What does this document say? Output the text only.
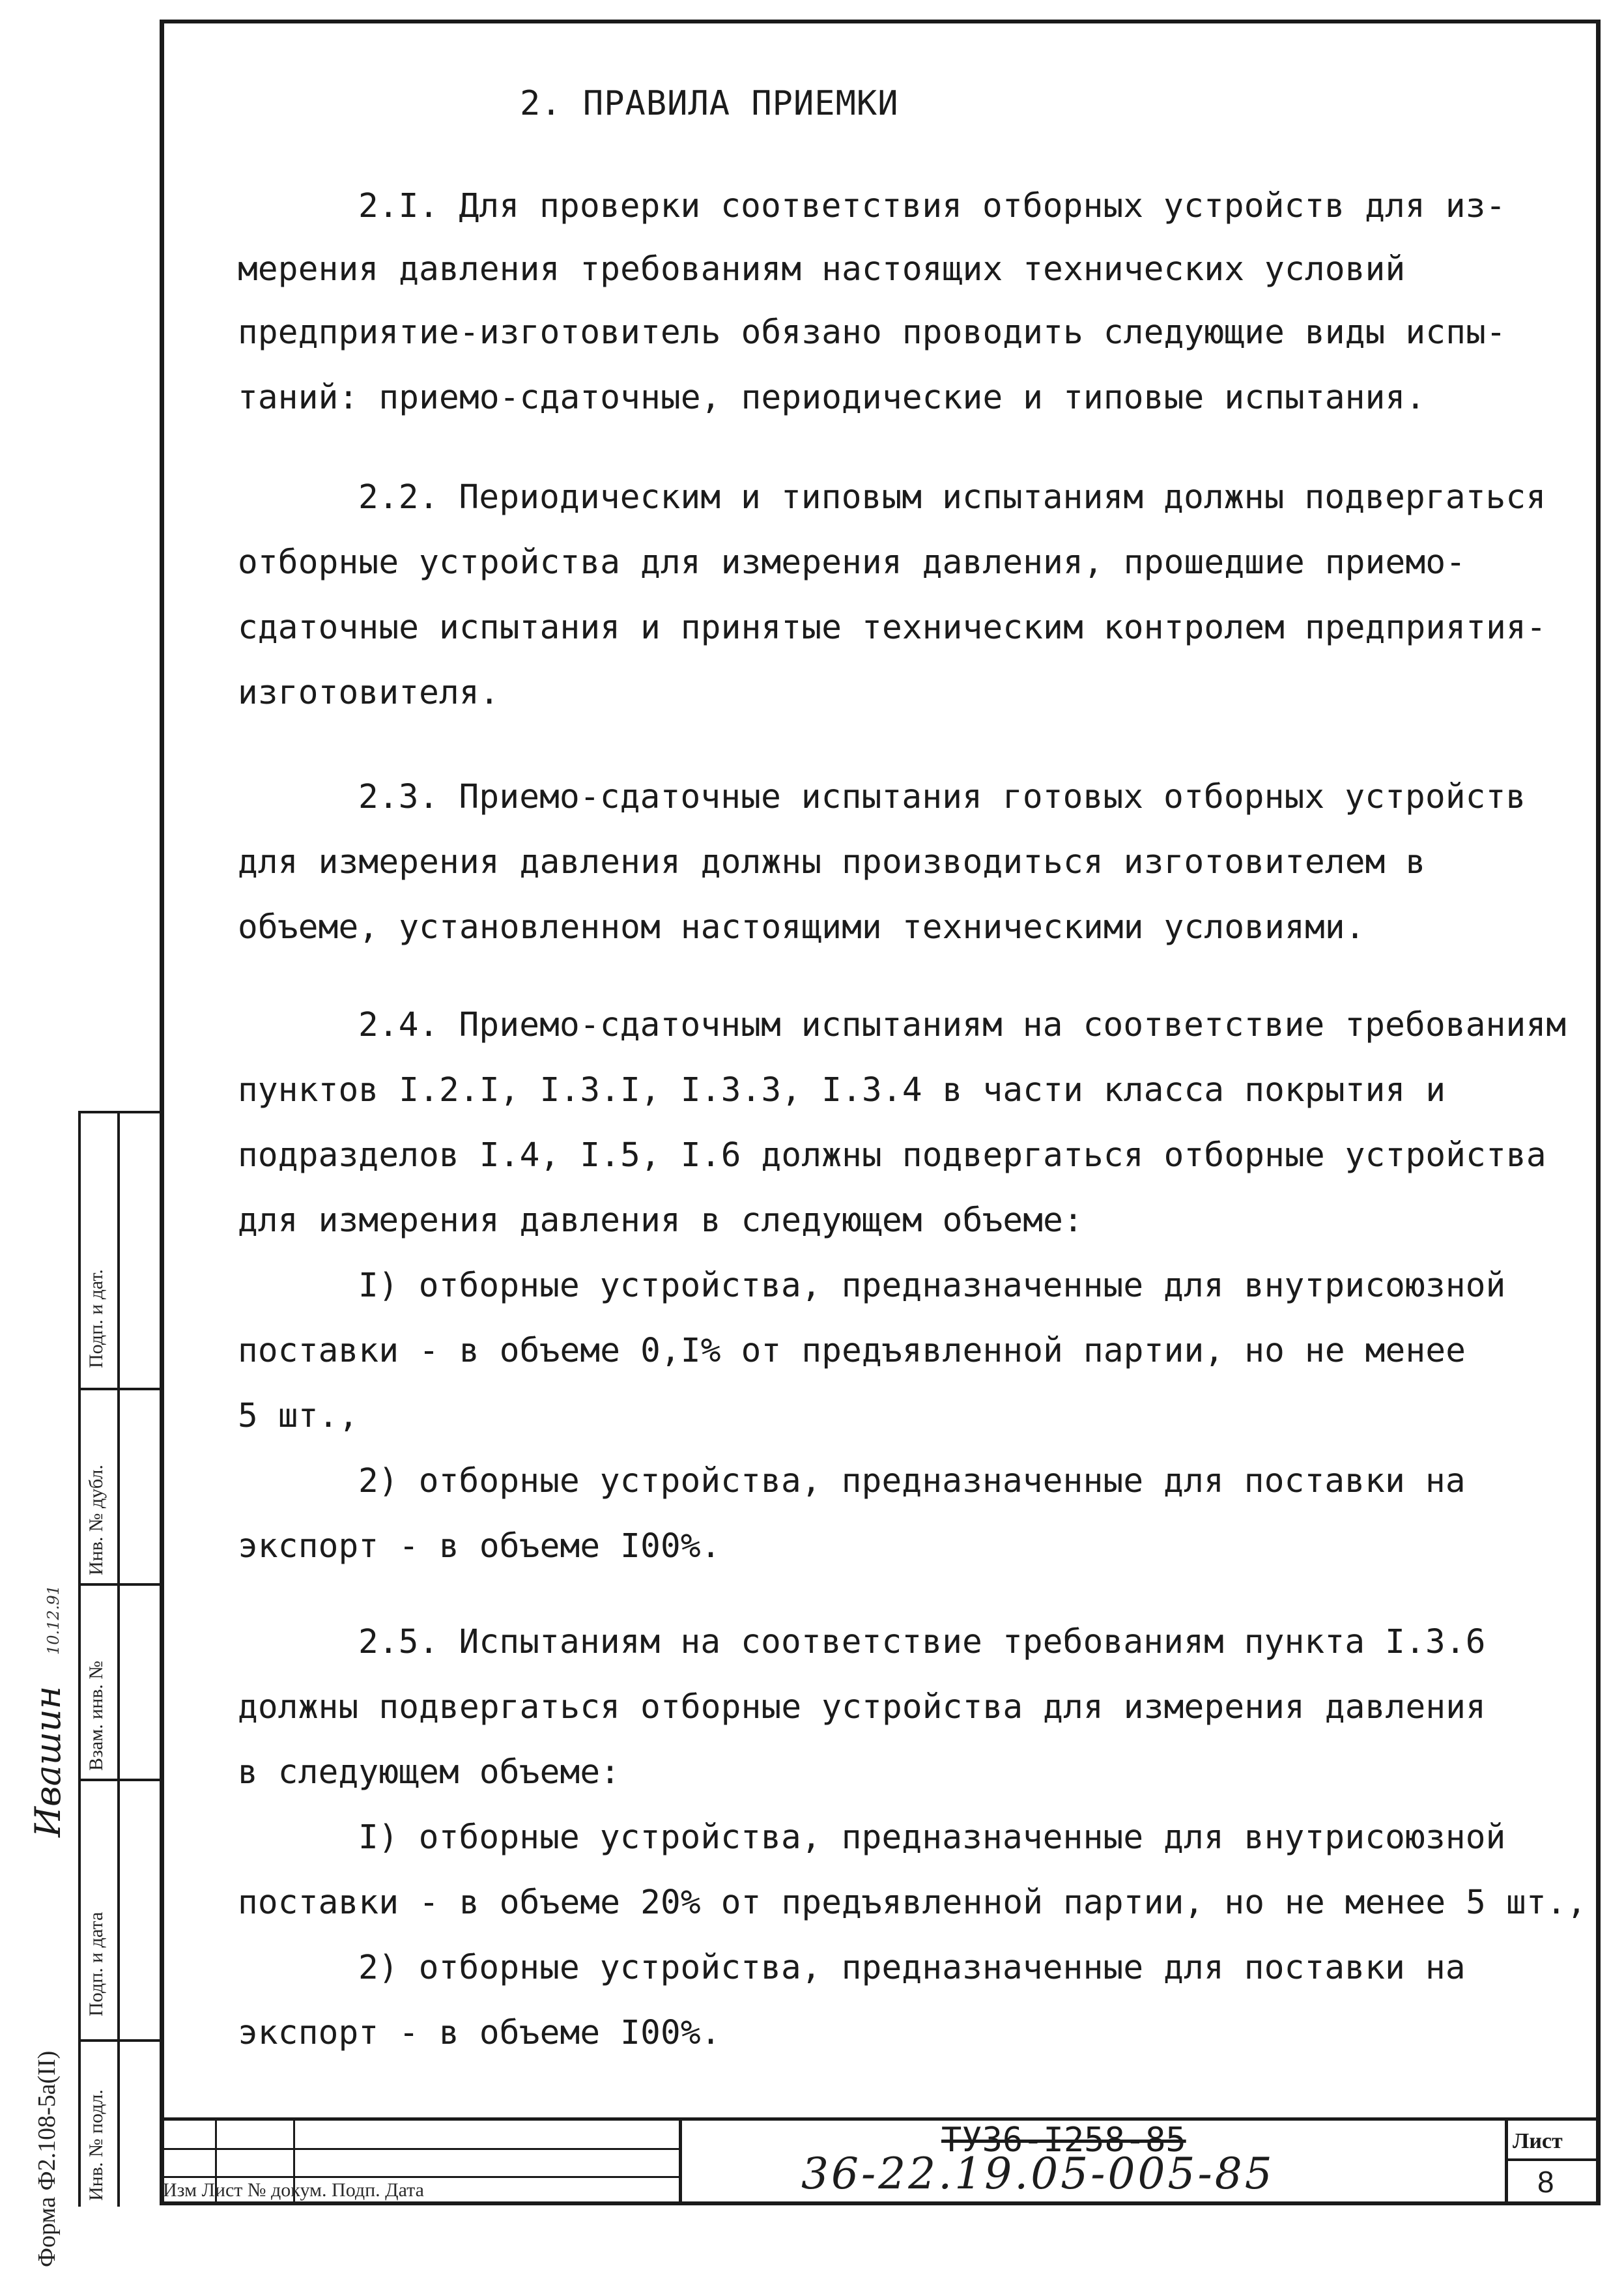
2. ПРАВИЛА ПРИЕМКИ
2.I. Для проверки соответствия отборных устройств для из-
мерения давления требованиям настоящих технических условий
предприятие-изготовитель обязано проводить следующие виды испы-
таний: приемо-сдаточные, периодические и типовые испытания.
2.2. Периодическим и типовым испытаниям должны подвергаться
отборные устройства для измерения давления, прошедшие приемо-
сдаточные испытания и принятые техническим контролем предприятия-
изготовителя.
2.3. Приемо-сдаточные испытания готовых отборных устройств
для измерения давления должны производиться изготовителем в
объеме, установленном настоящими техническими условиями.
2.4. Приемо-сдаточным испытаниям на соответствие требованиям
пунктов I.2.I, I.3.I, I.3.3, I.3.4 в части класса покрытия и
подразделов I.4, I.5, I.6 должны подвергаться отборные устройства
для измерения давления в следующем объеме:
I) отборные устройства, предназначенные для внутрисоюзной
поставки - в объеме 0,I% от предъявленной партии, но не менее
5 шт.,
2) отборные устройства, предназначенные для поставки на
экспорт - в объеме I00%.
2.5. Испытаниям на соответствие требованиям пункта I.3.6
должны подвергаться отборные устройства для измерения давления
в следующем объеме:
I) отборные устройства, предназначенные для внутрисоюзной
поставки - в объеме 20% от предъявленной партии, но не менее 5 шт.,
2) отборные устройства, предназначенные для поставки на
экспорт - в объеме I00%.
Изм Лист № докум. Подп. Дата
ТУ36-I258-85
36-22.19.05-005-85
Лист
8
Инв. № подл.
Подп. и дата
Взам. инв. №
Инв. № дубл.
Подп. и дат.
Форма Ф2.108-5а(II)
Ивашин
10.12.91
